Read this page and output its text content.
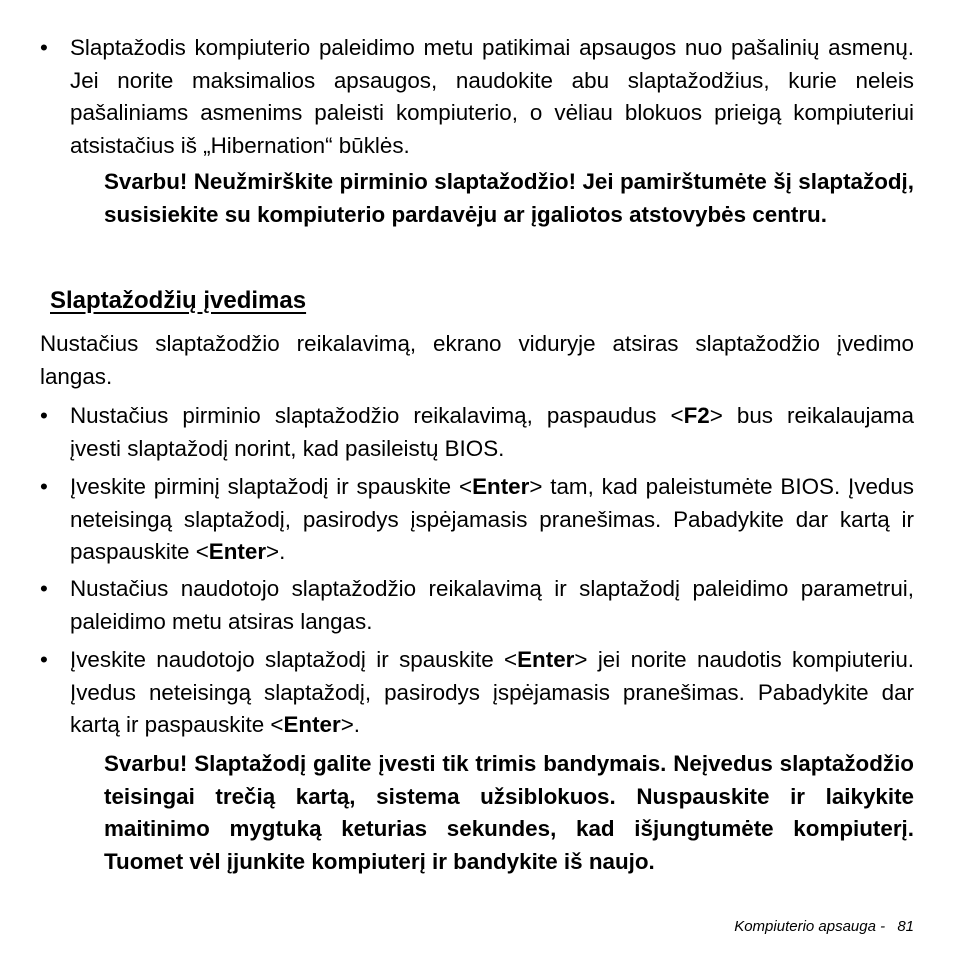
• Slaptažodis kompiuterio paleidimo metu patikimai apsaugos nuo pašalinių asmenų. Jei norite maksimalios apsaugos, naudokite abu slaptažodžius, kurie neleis pašaliniams asmenims paleisti kompiuterio, o vėliau blokuos prieigą kompiuteriui atsistačius iš „Hibernation“ būklės.
Svarbu! Neužmirškite pirminio slaptažodžio! Jei pamirštumėte šį slaptažodį, susisiekite su kompiuterio pardavėju ar įgaliotos atstovybės centru.
Slaptažodžių įvedimas
Nustačius slaptažodžio reikalavimą, ekrano viduryje atsiras slaptažodžio įvedimo langas.
• Nustačius pirminio slaptažodžio reikalavimą, paspaudus <F2> bus reikalaujama įvesti slaptažodį norint, kad pasileistų BIOS.
• Įveskite pirminį slaptažodį ir spauskite <Enter> tam, kad paleistumėte BIOS. Įvedus neteisingą slaptažodį, pasirodys įspėjamasis pranešimas. Pabadykite dar kartą ir paspauskite <Enter>.
• Nustačius naudotojo slaptažodžio reikalavimą ir slaptažodį paleidimo parametrui, paleidimo metu atsiras langas.
• Įveskite naudotojo slaptažodį ir spauskite <Enter> jei norite naudotis kompiuteriu. Įvedus neteisingą slaptažodį, pasirodys įspėjamasis pranešimas. Pabadykite dar kartą ir paspauskite <Enter>.
Svarbu! Slaptažodį galite įvesti tik trimis bandymais. Neįvedus slaptažodžio teisingai trečią kartą, sistema užsiblokuos. Nuspauskite ir laikykite maitinimo mygtuką keturias sekundes, kad išjungtumėte kompiuterį. Tuomet vėl įjunkite kompiuterį ir bandykite iš naujo.
Kompiuterio apsauga - 81
